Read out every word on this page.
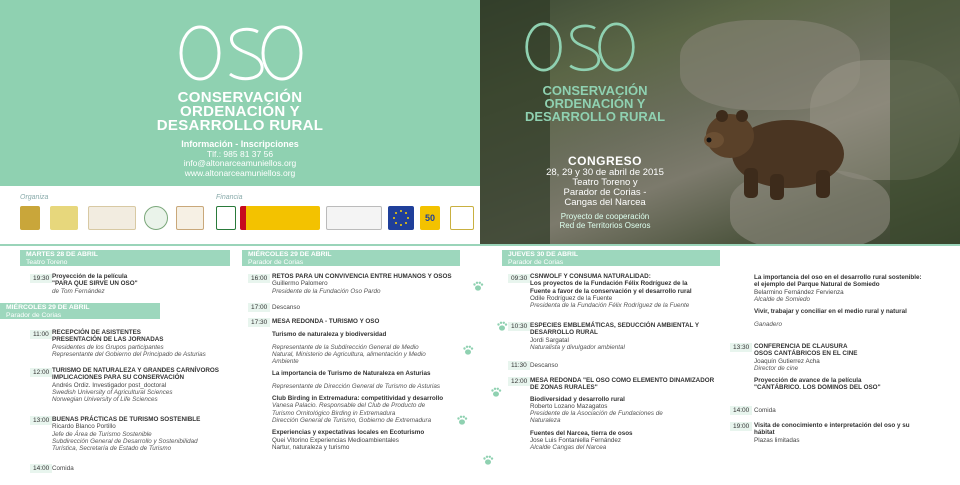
CONSERVACIÓN
ORDENACIÓN Y
DESARROLLO RURAL
Información - Inscripciones
Tlf.: 985 81 37 56
info@altonarceamuniellos.org
www.altonarceamuniellos.org
Organiza	Financia
50
CONSERVACIÓN
ORDENACIÓN Y
DESARROLLO RURAL
CONGRESO
28, 29 y 30 de abril de 2015
Teatro Toreno y
Parador de Corias -
Cangas del Narcea
Proyecto de cooperación
Red de Territorios Oseros
MARTES 28 DE ABRIL
Teatro Toreno
19:30 Proyección de la película
"PARA QUE SIRVE UN OSO"
de Tom Fernández
MIÉRCOLES 29 DE ABRIL
Parador de Corias
11:00 RECEPCIÓN DE ASISTENTES
PRESENTACIÓN DE LAS JORNADAS
Presidentes de los Grupos participantes
Representante del Gobierno del Principado de Asturias
12:00 TURISMO DE NATURALEZA Y GRANDES CARNÍVOROS
IMPLICACIONES PARA SU CONSERVACIÓN
Andrés Ordiz. Investigador post_doctoral
Swedish University of Agricultural Sciences
Norwegian University of Life Sciences
13:00 BUENAS PRÁCTICAS DE TURISMO SOSTENIBLE
Ricardo Blanco Portillo
Jefe de Área de Turismo Sostenible
Subdirección General de Desarrollo y Sostenibilidad
Turística, Secretaría de Estado de Turismo
14:00 Comida
MIÉRCOLES 29 DE ABRIL
Parador de Corias
16:00 RETOS PARA UN CONVIVENCIA ENTRE HUMANOS Y OSOS
Guillermo Palomero
Presidente de la Fundación Oso Pardo
17:00 Descanso
17:30 MESA REDONDA - TURISMO Y OSO
Turismo de naturaleza y biodiversidad
Representante de la Subdirección General de Medio
Natural, Ministerio de Agricultura, alimentación y Medio
Ambiente
La importancia de Turismo de Naturaleza en Asturias
Representante de Dirección General de Turismo de Asturias
Club Birding in Extremadura: competitividad y desarrollo
Vanesa Palacio. Responsable del Club de Producto de
Turismo Ornitológico Birding in Extremadura
Dirección General de Turismo, Gobierno de Extremadura
Experiencias y expectativas locales en Ecoturismo
Quei Vitorino Experiencias Medioambientales
Nartur, naturaleza y turismo
JUEVES 30 DE ABRIL
Parador de Corias
09:30 CSNWOLF Y CONSUMA NATURALIDAD:
Los proyectos de la Fundación Félix Rodríguez de la
Fuente a favor de la conservación y el desarrollo rural
Odile Rodríguez de la Fuente
Presidenta de la Fundación Félix Rodríguez de la Fuente
10:30 ESPECIES EMBLEMÁTICAS, SEDUCCIÓN AMBIENTAL Y
DESARROLLO RURAL
Jordi Sargatal
Naturalista y divulgador ambiental
11:30 Descanso
12:00 MESA REDONDA "EL OSO COMO ELEMENTO DINAMIZADOR
DE ZONAS RURALES"
Biodiversidad y desarrollo rural
Roberto Lozano Mazagatos
Presidente de la Asociación de Fundaciones de
Naturaleza
Fuentes del Narcea, tierra de osos
Jose Luis Fontaniella Fernández
Alcalde Cangas del Narcea
La importancia del oso en el desarrollo rural sostenible:
el ejemplo del Parque Natural de Somiedo
Belarmino Fernández Fervienza
Alcalde de Somiedo
Vivir, trabajar y conciliar en el medio rural y natural
Ganadero
13:30 CONFERENCIA DE CLAUSURA
OSOS CANTÁBRICOS EN EL CINE
Joaquín Gutierrez Acha
Director de cine
Proyección de avance de la película
"CANTÁBRICO. LOS DOMINOS DEL OSO"
14:00 Comida
19:00 Visita de conocimiento e interpretación del oso y su
hábitat
Plazas limitadas
